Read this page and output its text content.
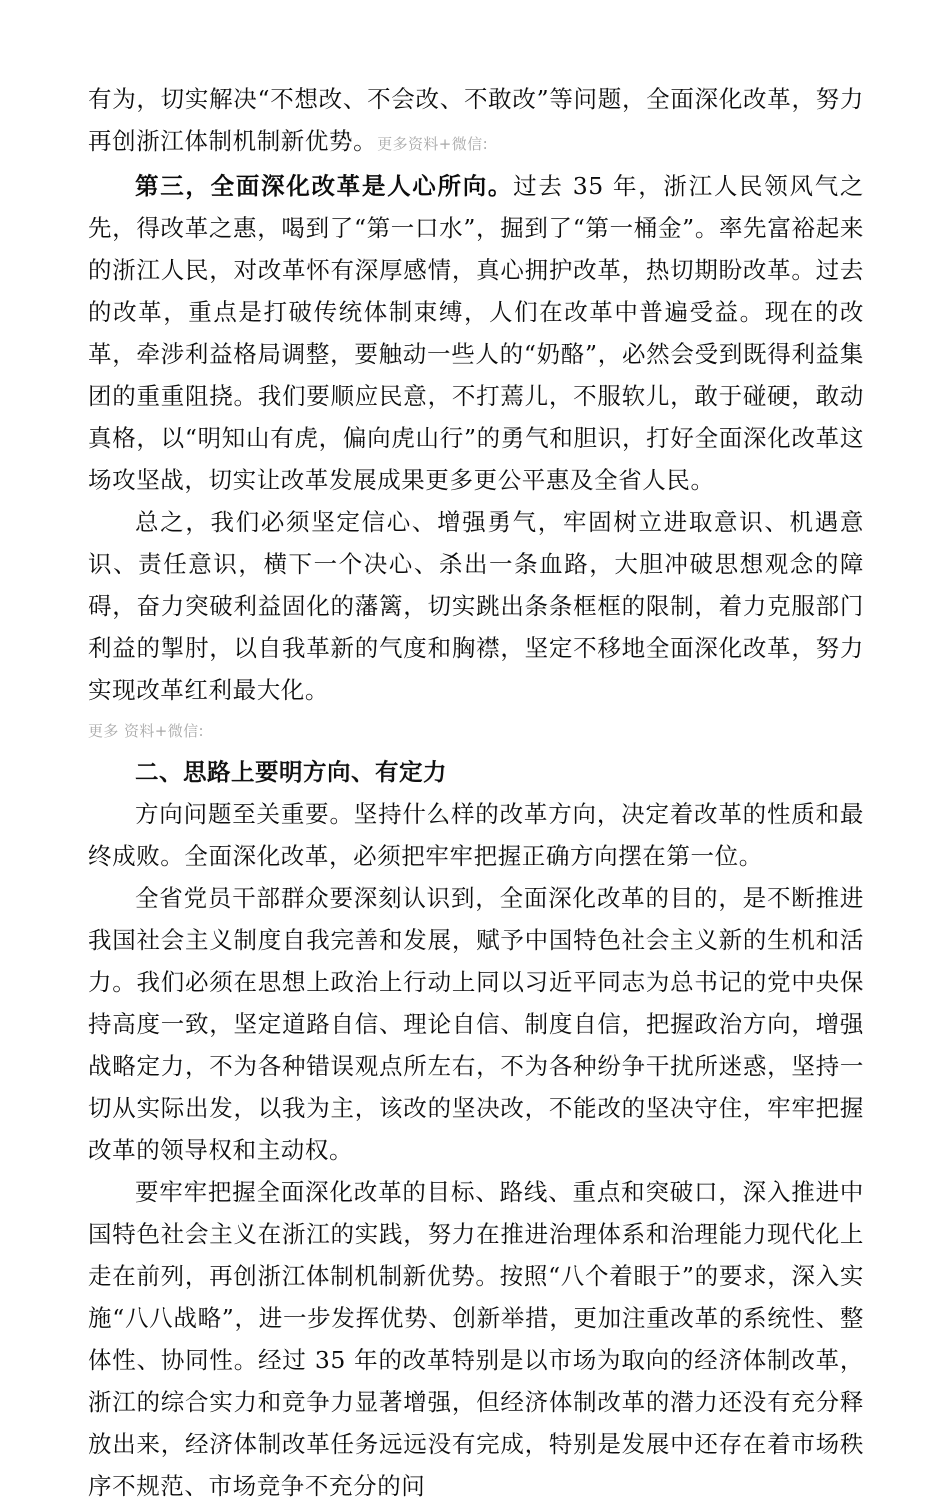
有为，切实解决“不想改、不会改、不敢改”等问题，全面深化改革，努力再创浙江体制机制新优势。更多资料+微信:

第三，全面深化改革是人心所向。过去 35 年，浙江人民领风气之先，得改革之惠，喝到了“第一口水”，掘到了“第一桶金”。率先富裕起来的浙江人民，对改革怀有深厚感情，真心拥护改革，热切期盼改革。过去的改革，重点是打破传统体制束缚，人们在改革中普遍受益。现在的改革，牵涉利益格局调整，要触动一些人的“奶酪”，必然会受到既得利益集团的重重阻挠。我们要顺应民意，不打蔫儿，不服软儿，敢于碰硬，敢动真格，以“明知山有虎，偏向虎山行”的勇气和胆识，打好全面深化改革这场攻坚战，切实让改革发展成果更多更公平惠及全省人民。

总之，我们必须坚定信心、增强勇气，牢固树立进取意识、机遇意识、责任意识，横下一个决心、杀出一条血路，大胆冲破思想观念的障碍，奋力突破利益固化的藩篱，切实跳出条条框框的限制，着力克服部门利益的掣肘，以自我革新的气度和胸襟，坚定不移地全面深化改革，努力实现改革红利最大化。

更多 资料+微信:

二、思路上要明方向、有定力

方向问题至关重要。坚持什么样的改革方向，决定着改革的性质和最终成败。全面深化改革，必须把牢牢把握正确方向摆在第一位。

全省党员干部群众要深刻认识到，全面深化改革的目的，是不断推进我国社会主义制度自我完善和发展，赋予中国特色社会主义新的生机和活力。我们必须在思想上政治上行动上同以习近平同志为总书记的党中央保持高度一致，坚定道路自信、理论自信、制度自信，把握政治方向，增强战略定力，不为各种错误观点所左右，不为各种纷争干扰所迷惑，坚持一切从实际出发，以我为主，该改的坚决改，不能改的坚决守住，牢牢把握改革的领导权和主动权。

要牢牢把握全面深化改革的目标、路线、重点和突破口，深入推进中国特色社会主义在浙江的实践，努力在推进治理体系和治理能力现代化上走在前列，再创浙江体制机制新优势。按照“八个着眼于”的要求，深入实施“八八战略”，进一步发挥优势、创新举措，更加注重改革的系统性、整体性、协同性。经过 35 年的改革特别是以市场为取向的经济体制改革，浙江的综合实力和竞争力显著增强，但经济体制改革的潜力还没有充分释放出来，经济体制改革任务远远没有完成，特别是发展中还存在着市场秩序不规范、市场竞争不充分的问
